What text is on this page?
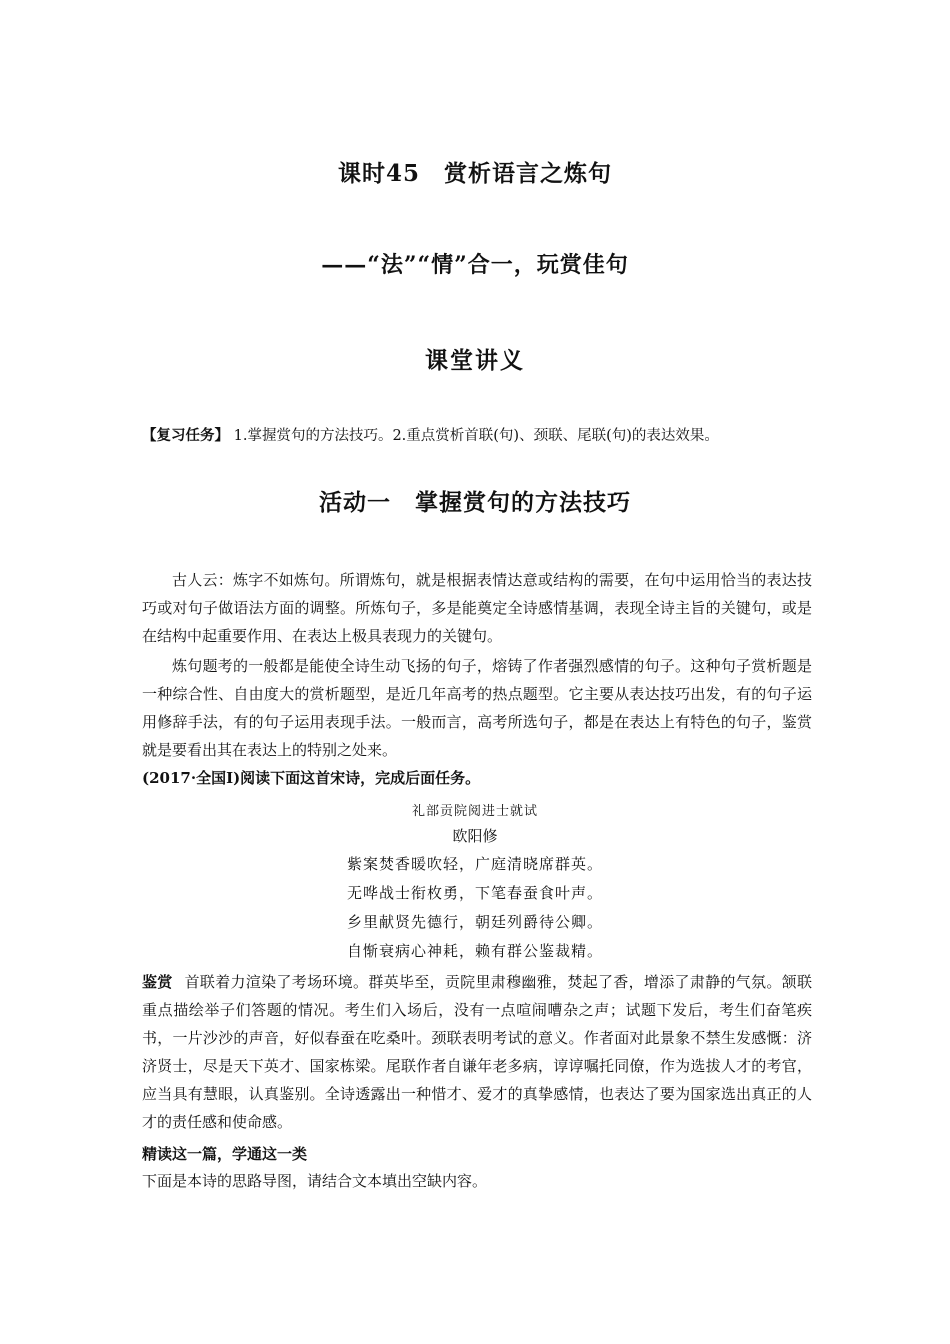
课时45　赏析语言之炼句
——“法”“情”合一，玩赏佳句
课堂讲义
【复习任务】 1.掌握赏句的方法技巧。2.重点赏析首联(句)、颈联、尾联(句)的表达效果。
活动一　掌握赏句的方法技巧
古人云：炼字不如炼句。所谓炼句，就是根据表情达意或结构的需要，在句中运用恰当的表达技巧或对句子做语法方面的调整。所炼句子，多是能奠定全诗感情基调，表现全诗主旨的关键句，或是在结构中起重要作用、在表达上极具表现力的关键句。
炼句题考的一般都是能使全诗生动飞扬的句子，熔铸了作者强烈感情的句子。这种句子赏析题是一种综合性、自由度大的赏析题型，是近几年高考的热点题型。它主要从表达技巧出发，有的句子运用修辞手法，有的句子运用表现手法。一般而言，高考所选句子，都是在表达上有特色的句子，鉴赏就是要看出其在表达上的特别之处来。
(2017·全国Ⅰ)阅读下面这首宋诗，完成后面任务。
礼部贡院阅进士就试
欧阳修
紫案焚香暖吹轻，广庭清晓席群英。
无哗战士衔枚勇，下笔春蚕食叶声。
乡里献贤先德行，朝廷列爵待公卿。
自惭衰病心神耗，赖有群公鉴裁精。
鉴赏 首联着力渲染了考场环境。群英毕至，贡院里肃穆幽雅，焚起了香，增添了肃静的气氛。颔联重点描绘举子们答题的情况。考生们入场后，没有一点喧闹嘈杂之声；试题下发后，考生们奋笔疾书，一片沙沙的声音，好似春蚕在吃桑叶。颈联表明考试的意义。作者面对此景象不禁生发感慨：济济贤士，尽是天下英才、国家栋梁。尾联作者自谦年老多病，谆谆嘱托同僚，作为选拔人才的考官，应当具有慧眼，认真鉴别。全诗透露出一种惜才、爱才的真挚感情，也表达了要为国家选出真正的人才的责任感和使命感。
精读这一篇，学通这一类
下面是本诗的思路导图，请结合文本填出空缺内容。
